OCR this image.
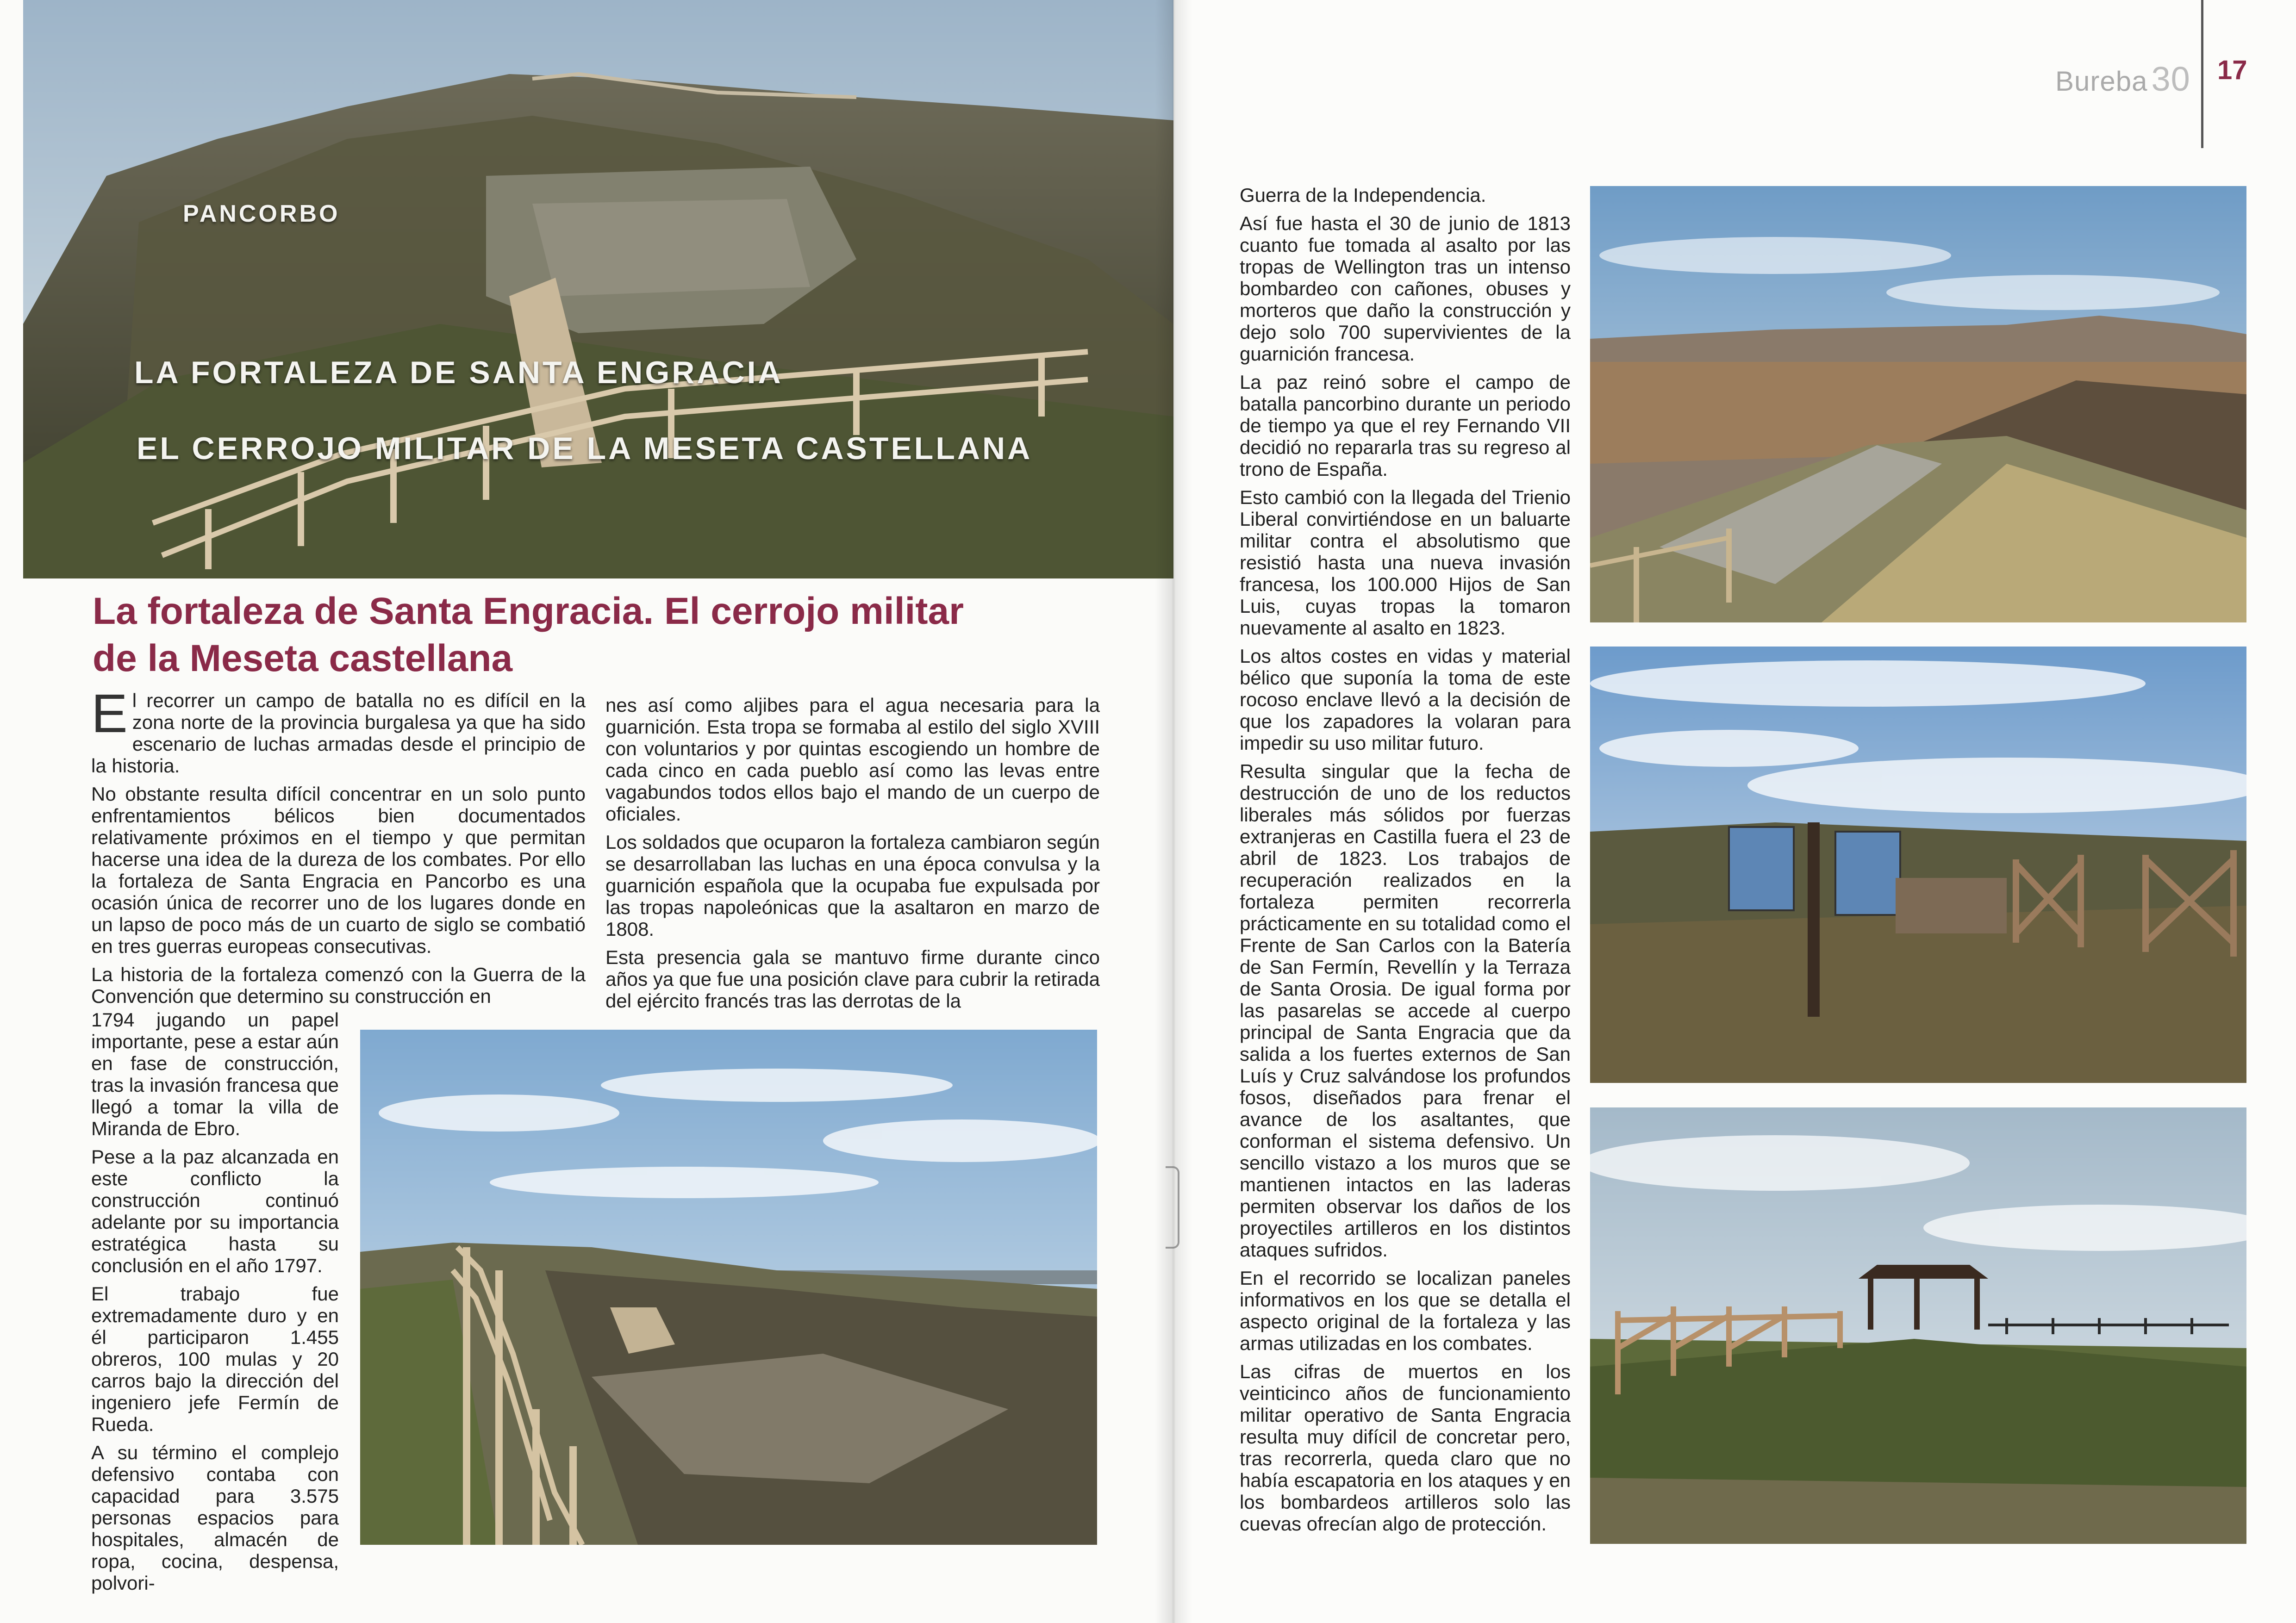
PANCORBO
LA FORTALEZA DE SANTA ENGRACIA
EL CERROJO MILITAR DE LA MESETA CASTELLANA
La fortaleza de Santa Engracia. El cerrojo militar
de la Meseta castellana

El recorrer un campo de batalla no es difícil en la zona norte de la provincia burgalesa ya que ha sido escenario de luchas armadas desde el principio de la historia.

No obstante resulta difícil concentrar en un solo punto enfrentamientos bélicos bien documentados relativamente próximos en el tiempo y que permitan hacerse una idea de la dureza de los combates. Por ello la fortaleza de Santa Engracia en Pancorbo es una ocasión única de recorrer uno de los lugares donde en un lapso de poco más de un cuarto de siglo se combatió en tres guerras europeas consecutivas.

La historia de la fortaleza comenzó con la Guerra de la Convención que determino su construcción en

nes así como aljibes para el agua necesaria para la guarnición. Esta tropa se formaba al estilo del siglo XVIII con voluntarios y por quintas escogiendo un hombre de cada cinco en cada pueblo así como las levas entre vagabundos todos ellos bajo el mando de un cuerpo de oficiales.

Los soldados que ocuparon la fortaleza cambiaron según se desarrollaban las luchas en una época convulsa y la guarnición española que la ocupaba fue expulsada por las tropas napoleónicas que la asaltaron en marzo de 1808.

Esta presencia gala se mantuvo firme durante cinco años ya que fue una posición clave para cubrir la retirada del ejército francés tras las derrotas de la

1794 jugando un papel importante, pese a estar aún en fase de construcción, tras la invasión francesa que llegó a tomar la villa de Miranda de Ebro.

Pese a la paz alcanzada en este conflicto la construcción continuó adelante por su importancia estratégica hasta su conclusión en el año 1797.

El trabajo fue extremadamente duro y en él participaron 1.455 obreros, 100 mulas y 20 carros bajo la dirección del ingeniero jefe Fermín de Rueda.

A su término el complejo defensivo contaba con capacidad para 3.575 personas espacios para hospitales, almacén de ropa, cocina, despensa, polvori-

Bureba 30 17

Guerra de la Independencia.

Así fue hasta el 30 de junio de 1813 cuanto fue tomada al asalto por las tropas de Wellington tras un intenso bombardeo con cañones, obuses y morteros que daño la construcción y dejo solo 700 supervivientes de la guarnición francesa.

La paz reinó sobre el campo de batalla pancorbino durante un periodo de tiempo ya que el rey Fernando VII decidió no repararla tras su regreso al trono de España.

Esto cambió con la llegada del Trienio Liberal convirtiéndose en un baluarte militar contra el absolutismo que resistió hasta una nueva invasión francesa, los 100.000 Hijos de San Luis, cuyas tropas la tomaron nuevamente al asalto en 1823.

Los altos costes en vidas y material bélico que suponía la toma de este rocoso enclave llevó a la decisión de que los zapadores la volaran para impedir su uso militar futuro.

Resulta singular que la fecha de destrucción de uno de los reductos liberales más sólidos por fuerzas extranjeras en Castilla fuera el 23 de abril de 1823. Los trabajos de recuperación realizados en la fortaleza permiten recorrerla prácticamente en su totalidad como el Frente de San Carlos con la Batería de San Fermín, Revellín y la Terraza de Santa Orosia. De igual forma por las pasarelas se accede al cuerpo principal de Santa Engracia que da salida a los fuertes externos de San Luís y Cruz salvándose los profundos fosos, diseñados para frenar el avance de los asaltantes, que conforman el sistema defensivo. Un sencillo vistazo a los muros que se mantienen intactos en las laderas permiten observar los daños de los proyectiles artilleros en los distintos ataques sufridos.

En el recorrido se localizan paneles informativos en los que se detalla el aspecto original de la fortaleza y las armas utilizadas en los combates.

Las cifras de muertos en los veinticinco años de funcionamiento militar operativo de Santa Engracia resulta muy difícil de concretar pero, tras recorrerla, queda claro que no había escapatoria en los ataques y en los bombardeos artilleros solo las cuevas ofrecían algo de protección.
